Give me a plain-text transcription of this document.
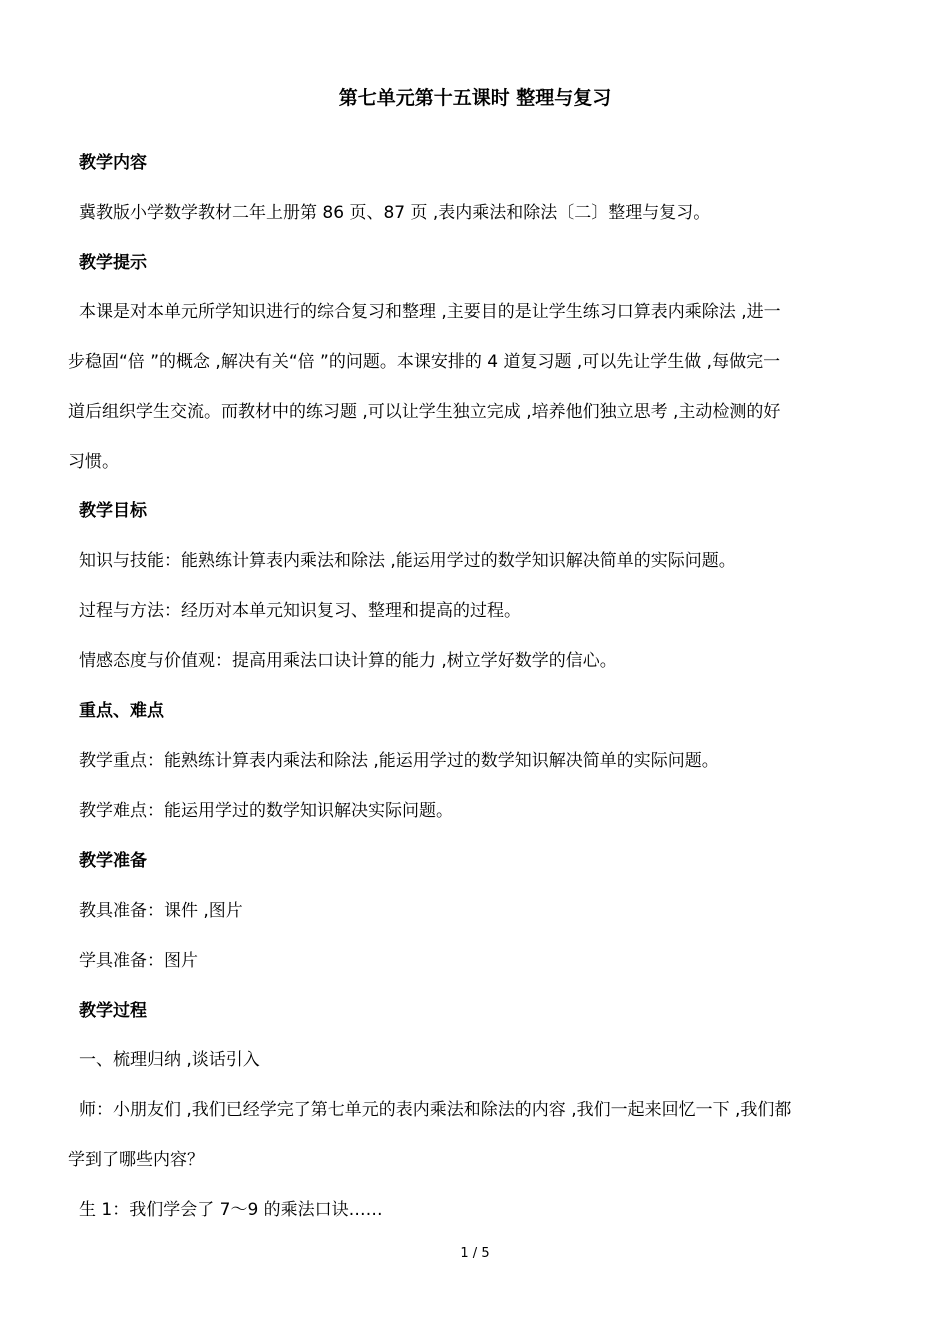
第七单元第十五课时 整理与复习

教学内容

冀教版小学数学教材二年上册第 86 页、87 页 ,表内乘法和除法〔二〕整理与复习。

教学提示

本课是对本单元所学知识进行的综合复习和整理 ,主要目的是让学生练习口算表内乘除法 ,进一

步稳固“倍 ”的概念 ,解决有关“倍 ”的问题。本课安排的 4 道复习题 ,可以先让学生做 ,每做完一

道后组织学生交流。而教材中的练习题 ,可以让学生独立完成 ,培养他们独立思考 ,主动检测的好

习惯。

教学目标

知识与技能：能熟练计算表内乘法和除法 ,能运用学过的数学知识解决简单的实际问题。

过程与方法：经历对本单元知识复习、整理和提高的过程。

情感态度与价值观：提高用乘法口诀计算的能力 ,树立学好数学的信心。

重点、难点

教学重点：能熟练计算表内乘法和除法 ,能运用学过的数学知识解决简单的实际问题。

教学难点：能运用学过的数学知识解决实际问题。

教学准备

教具准备：课件 ,图片

学具准备：图片

教学过程

一、梳理归纳 ,谈话引入

师：小朋友们 ,我们已经学完了第七单元的表内乘法和除法的内容 ,我们一起来回忆一下 ,我们都

学到了哪些内容？

生 1：我们学会了 7～9 的乘法口诀……

1 / 5
